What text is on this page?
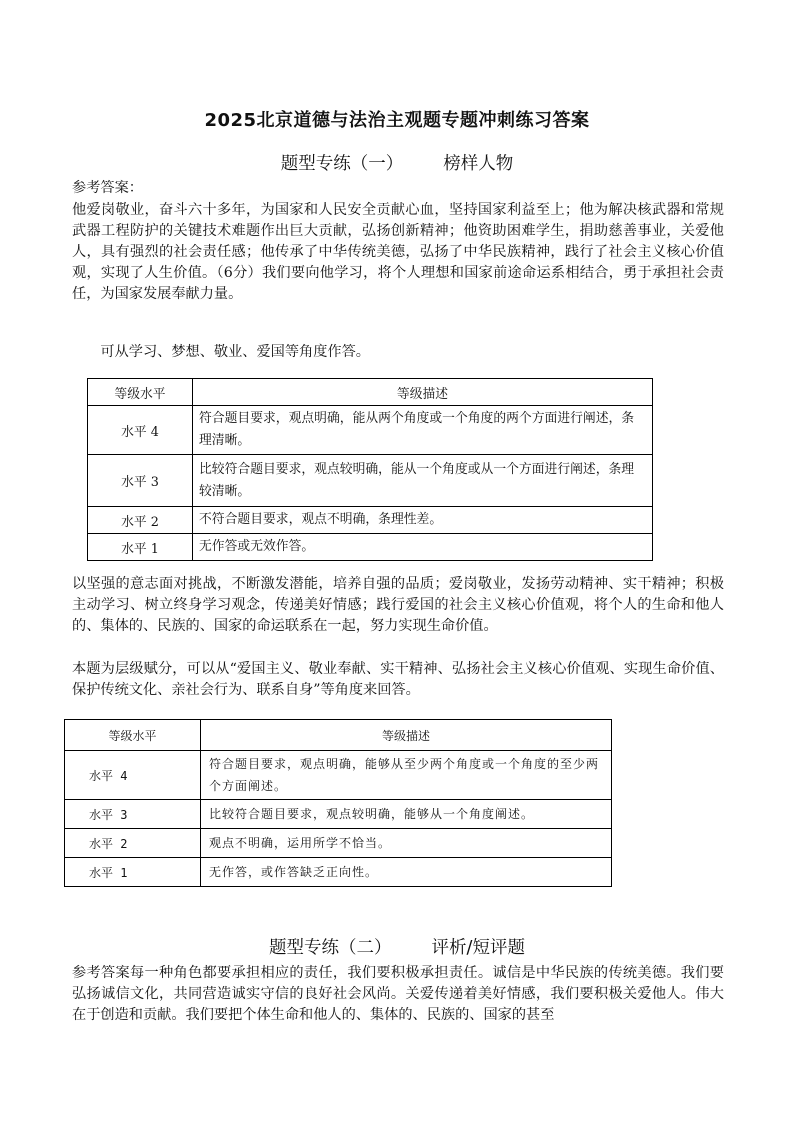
2025北京道德与法治主观题专题冲刺练习答案
题型专练（一） 榜样人物
参考答案：
他爱岗敬业，奋斗六十多年，为国家和人民安全贡献心血，坚持国家利益至上；他为解决核武器和常规武器工程防护的关键技术难题作出巨大贡献，弘扬创新精神；他资助困难学生，捐助慈善事业，关爱他人，具有强烈的社会责任感；他传承了中华传统美德，弘扬了中华民族精神，践行了社会主义核心价值观，实现了人生价值。（6分）我们要向他学习，将个人理想和国家前途命运系相结合，勇于承担社会责任，为国家发展奉献力量。
可从学习、梦想、敬业、爱国等角度作答。
等级水平	等级描述
水平 4	符合题目要求，观点明确，能从两个角度或一个角度的两个方面进行阐述，条理清晰。
水平 3	比较符合题目要求，观点较明确，能从一个角度或从一个方面进行阐述，条理较清晰。
水平 2	不符合题目要求，观点不明确，条理性差。
水平 1	无作答或无效作答。
以坚强的意志面对挑战，不断激发潜能，培养自强的品质；爱岗敬业，发扬劳动精神、实干精神；积极主动学习、树立终身学习观念，传递美好情感；践行爱国的社会主义核心价值观，将个人的生命和他人的、集体的、民族的、国家的命运联系在一起，努力实现生命价值。
本题为层级赋分，可以从“爱国主义、敬业奉献、实干精神、弘扬社会主义核心价值观、实现生命价值、保护传统文化、亲社会行为、联系自身”等角度来回答。
等级水平	等级描述
水平 4	符合题目要求，观点明确，能够从至少两个角度或一个角度的至少两个方面阐述。
水平 3	比较符合题目要求，观点较明确，能够从一个角度阐述。
水平 2	观点不明确，运用所学不恰当。
水平 1	无作答，或作答缺乏正向性。
题型专练（二） 评析/短评题
参考答案每一种角色都要承担相应的责任，我们要积极承担责任。诚信是中华民族的传统美德。我们要弘扬诚信文化，共同营造诚实守信的良好社会风尚。关爱传递着美好情感，我们要积极关爱他人。伟大在于创造和贡献。我们要把个体生命和他人的、集体的、民族的、国家的甚至
